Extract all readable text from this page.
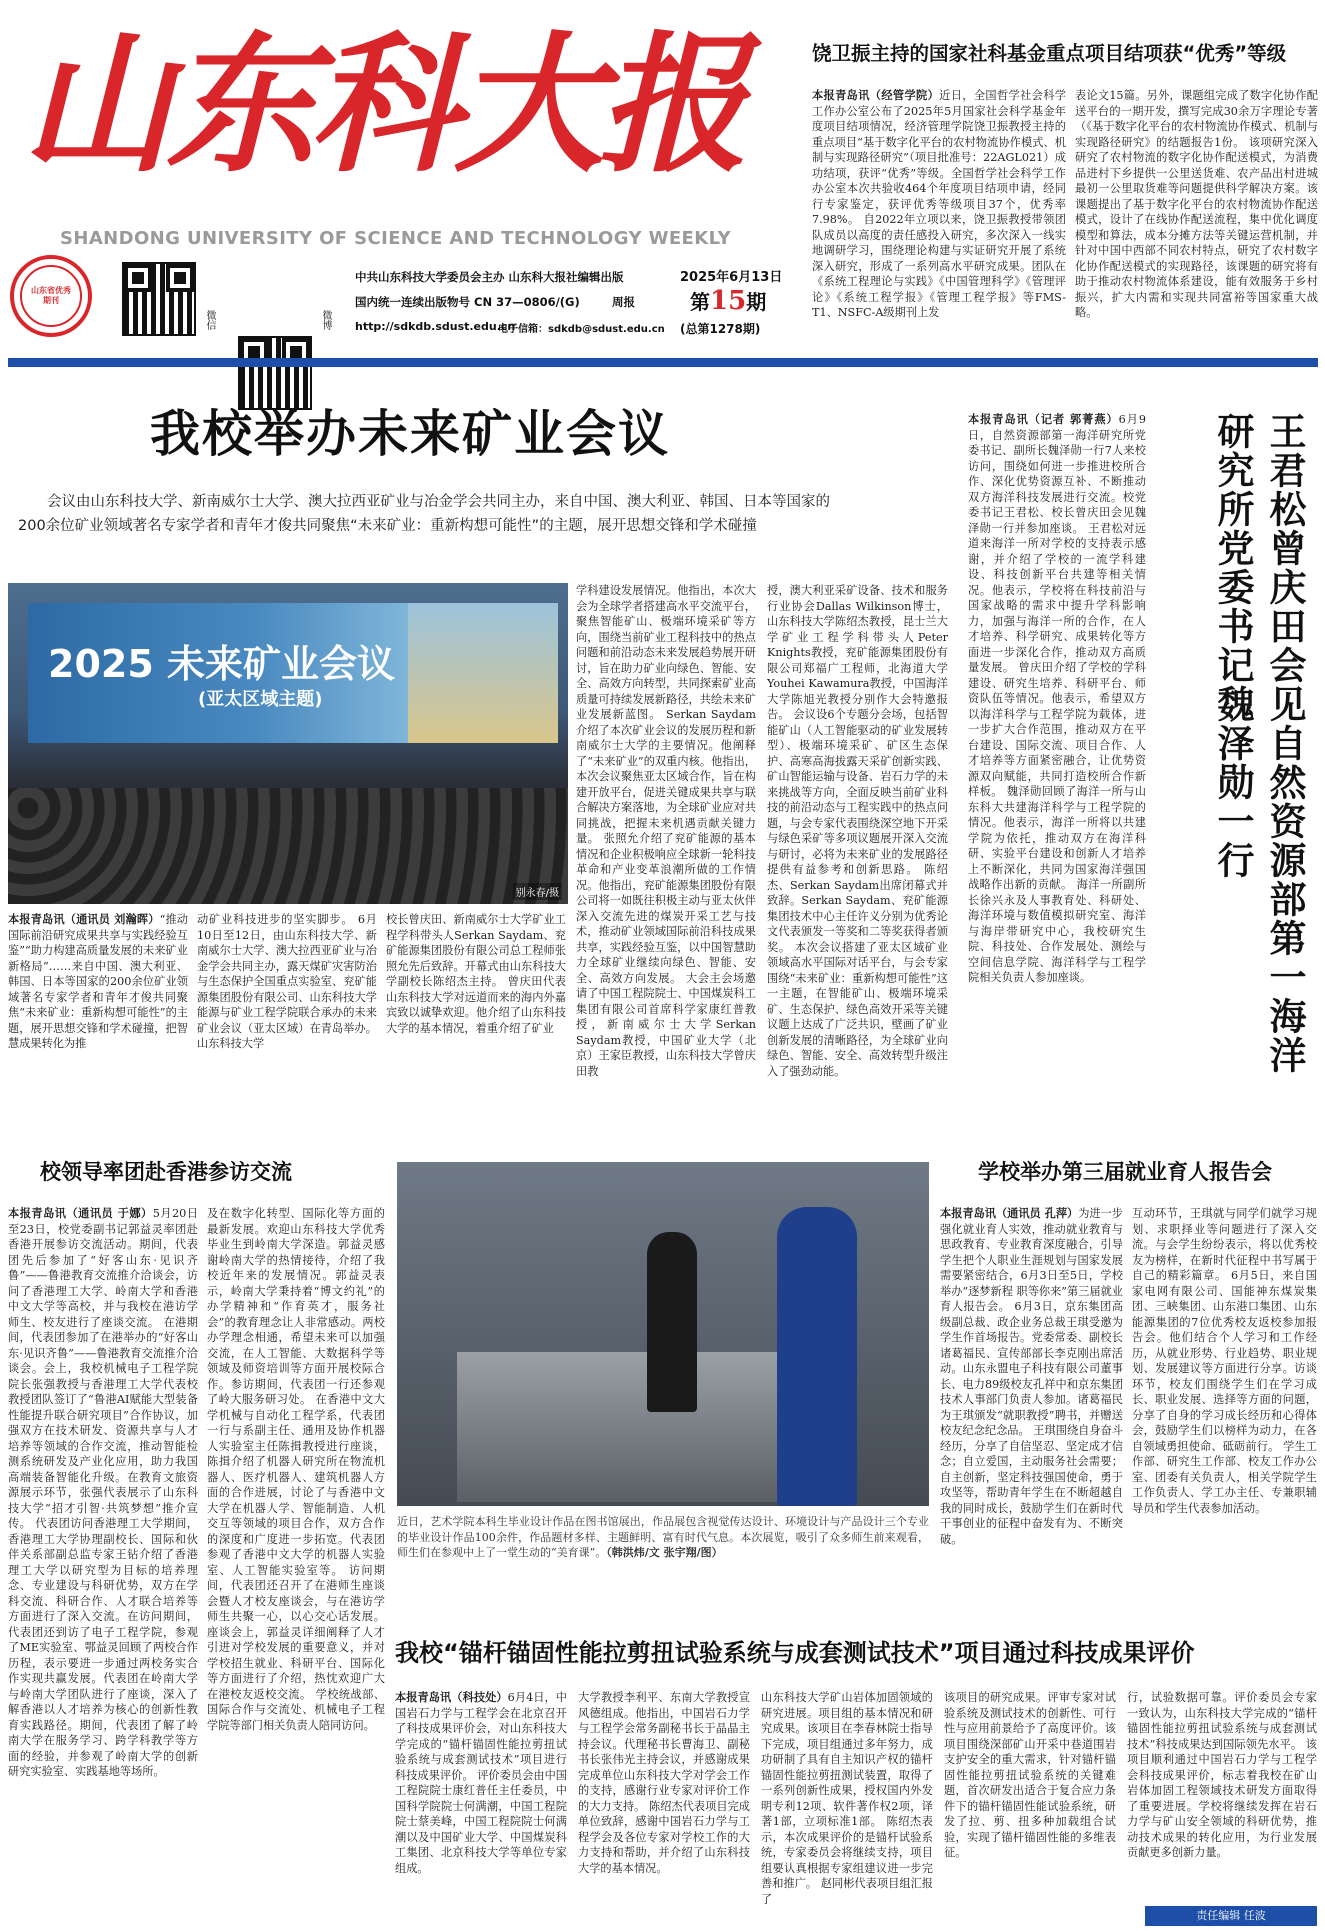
山东科大报
SHANDONG UNIVERSITY OF SCIENCE AND TECHNOLOGY WEEKLY
山东省优秀期刊
微信	微博
中共山东科技大学委员会主办 山东科大报社编辑出版
国内统一连续出版物号 CN 37—0806/(G)	周报
http://sdkdb.sdust.edu.cn
电子信箱：sdkdb@sdust.edu.cn
2025年6月13日
第15期
(总第1278期)
饶卫振主持的国家社科基金重点项目结项获“优秀”等级
本报青岛讯（经管学院）近日，全国哲学社会科学工作办公室公布了2025年5月国家社会科学基金年度项目结项情况，经济管理学院饶卫振教授主持的重点项目“基于数字化平台的农村物流协作模式、机制与实现路径研究”（项目批准号：22AGL021）成功结项，获评“优秀”等级。全国哲学社会科学工作办公室本次共验收464个年度项目结项申请，经同行专家鉴定，获评优秀等级项目37个，优秀率7.98%。 自2022年立项以来，饶卫振教授带领团队成员以高度的责任感投入研究，多次深入一线实地调研学习，围绕理论构建与实证研究开展了系统深入研究，形成了一系列高水平研究成果。团队在《系统工程理论与实践》《中国管理科学》《管理评论》《系统工程学报》《管理工程学报》等FMS-T1、NSFC-A级期刊上发
表论文15篇。另外，课题组完成了数字化协作配送平台的一期开发，撰写完成30余万字理论专著（《基于数字化平台的农村物流协作模式、机制与实现路径研究》的结题报告1份。 该项研究深入研究了农村物流的数字化协作配送模式，为消费品进村下乡提供一公里送货难、农产品出村进城最初一公里取货难等问题提供科学解决方案。该课题提出了基于数字化平台的农村物流协作配送模式，设计了在线协作配送流程，集中优化调度模型和算法，成本分摊方法等关键运营机制，并针对中国中西部不同农村特点，研究了农村数字化协作配送模式的实现路径，该课题的研究将有助于推动农村物流体系建设，能有效服务于乡村振兴，扩大内需和实现共同富裕等国家重大战略。
我校举办未来矿业会议
会议由山东科技大学、新南威尔士大学、澳大拉西亚矿业与冶金学会共同主办，来自中国、澳大利亚、韩国、日本等国家的200余位矿业领域著名专家学者和青年才俊共同聚焦“未来矿业：重新构想可能性”的主题，展开思想交锋和学术碰撞
2025 未来矿业会议
(亚太区域主题)
别永春/摄
本报青岛讯（通讯员 刘瀚晖）“推动国际前沿研究成果共享与实践经验互鉴”“助力构建高质量发展的未来矿业新格局”……来自中国、澳大利亚、韩国、日本等国家的200余位矿业领域著名专家学者和青年才俊共同聚焦“未来矿业：重新构想可能性”的主题，展开思想交锋和学术碰撞，把智慧成果转化为推
动矿业科技进步的坚实脚步。 6月10日至12日，由山东科技大学、新南威尔士大学、澳大拉西亚矿业与冶金学会共同主办，露天煤矿灾害防治与生态保护全国重点实验室、兖矿能源集团股份有限公司、山东科技大学能源与矿业工程学院联合承办的未来矿业会议（亚太区域）在青岛举办。山东科技大学
校长曾庆田、新南威尔士大学矿业工程学科带头人Serkan Saydam、兖矿能源集团股份有限公司总工程师张照允先后致辞。开幕式由山东科技大学副校长陈绍杰主持。 曾庆田代表山东科技大学对远道而来的海内外嘉宾致以诚挚欢迎。他介绍了山东科技大学的基本情况，着重介绍了矿业
学科建设发展情况。他指出，本次大会为全球学者搭建高水平交流平台，聚焦智能矿山、极端环境采矿等方向，围绕当前矿业工程科技中的热点问题和前沿动态未来发展趋势展开研讨，旨在助力矿业向绿色、智能、安全、高效方向转型，共同探索矿业高质量可持续发展新路径，共绘未来矿业发展新蓝图。 Serkan Saydam介绍了本次矿业会议的发展历程和新南威尔士大学的主要情况。他阐释了“未来矿业”的双重内核。他指出，本次会议聚焦亚太区域合作，旨在构建开放平台，促进关键成果共享与联合解决方案落地，为全球矿业应对共同挑战，把握未来机遇贡献关键力量。 张照允介绍了兖矿能源的基本情况和企业积极响应全球新一轮科技革命和产业变革浪潮所做的工作情况。他指出，兖矿能源集团股份有限公司将一如既往积极主动与亚太伙伴深入交流先进的煤炭开采工艺与技术，推动矿业领域国际前沿科技成果共享，实践经验互鉴，以中国智慧助力全球矿业继续向绿色、智能、安全、高效方向发展。 大会主会场邀请了中国工程院院士、中国煤炭科工集团有限公司首席科学家康红普教授，新南威尔士大学Serkan Saydam教授，中国矿业大学（北京）王家臣教授，山东科技大学曾庆田教
授，澳大利亚采矿设备、技术和服务行业协会Dallas Wilkinson博士，山东科技大学陈绍杰教授，昆士兰大学矿业工程学科带头人Peter Knights教授，兖矿能源集团股份有限公司郑福广工程师，北海道大学Youhei Kawamura教授，中国海洋大学陈旭光教授分别作大会特邀报告。 会议设6个专题分会场，包括智能矿山（人工智能驱动的矿业发展转型）、极端环境采矿、矿区生态保护、高寒高海拔露天采矿创新实践、矿山智能运输与设备、岩石力学的未来挑战等方向，全面反映当前矿业科技的前沿动态与工程实践中的热点问题，与会专家代表围绕深空地下开采与绿色采矿等多项议题展开深入交流与研讨，必将为未来矿业的发展路径提供有益参考和创新思路。 陈绍杰、Serkan Saydam出席闭幕式并致辞。Serkan Saydam、兖矿能源集团技术中心主任许义分别为优秀论文代表颁发一等奖和二等奖获得者颁奖。 本次会议搭建了亚太区域矿业领域高水平国际对话平台，与会专家围绕“未来矿业：重新构想可能性”这一主题，在智能矿山、极端环境采矿、生态保护、绿色高效开采等关键议题上达成了广泛共识，壁画了矿业创新发展的清晰路径，为全球矿业向绿色、智能、安全、高效转型升级注入了强劲动能。
本报青岛讯（记者 郭菁燕）6月9日，自然资源部第一海洋研究所党委书记、副所长魏泽勋一行7人来校访问，围绕如何进一步推进校所合作、深化优势资源互补、不断推动双方海洋科技发展进行交流。校党委书记王君松、校长曾庆田会见魏泽勋一行并参加座谈。 王君松对远道来海洋一所对学校的支持表示感谢，并介绍了学校的一流学科建设、科技创新平台共建等相关情况。他表示，学校将在科技前沿与国家战略的需求中提升学科影响力，加强与海洋一所的合作，在人才培养、科学研究、成果转化等方面进一步深化合作，推动双方高质量发展。 曾庆田介绍了学校的学科建设、研究生培养、科研平台、师资队伍等情况。他表示，希望双方以海洋科学与工程学院为载体，进一步扩大合作范围，推动双方在平台建设、国际交流、项目合作、人才培养等方面紧密融合，让优势资源双向赋能，共同打造校所合作新样板。 魏泽勋回顾了海洋一所与山东科大共建海洋科学与工程学院的情况。他表示，海洋一所将以共建学院为依托，推动双方在海洋科研、实验平台建设和创新人才培养上不断深化，共同为国家海洋强国战略作出新的贡献。 海洋一所副所长徐兴永及人事教育处、科研处、海洋环境与数值模拟研究室、海洋与海岸带研究中心，我校研究生院、科技处、合作发展处、测绘与空间信息学院、海洋科学与工程学院相关负责人参加座谈。	王君松曾庆田会见自然资源部第一海洋研究所党委书记魏泽勋一行
校领导率团赴香港参访交流
本报青岛讯（通讯员 于娜）5月20日至23日，校党委副书记郭益灵率团赴香港开展参访交流活动。期间，代表团先后参加了“好客山东·见识齐鲁”——鲁港教育交流推介洽谈会，访问了香港理工大学、岭南大学和香港中文大学等高校，并与我校在港访学师生、校友进行了座谈交流。 在港期间，代表团参加了在港举办的“好客山东·见识齐鲁”——鲁港教育交流推介洽谈会。会上，我校机械电子工程学院院长张强教授与香港理工大学代表校教授团队签订了“鲁港AI赋能大型装备性能提升联合研究项目”合作协议，加强双方在技术研发、资源共享与人才培养等领域的合作交流，推动智能检测系统研发及产业化应用，助力我国高端装备智能化升级。在教育文旅资源展示环节，张强代表展示了山东科技大学“招才引智·共筑梦想”推介宣传。 代表团访问香港理工大学期间，香港理工大学协理副校长、国际和伙伴关系部副总监专家王钻介绍了香港理工大学以研究型为目标的培养理念、专业建设与科研优势，双方在学科交流、科研合作、人才联合培养等方面进行了深入交流。在访问期间，代表团还到访了电子工程学院，参观了ME实验室、鄂益灵回顾了两校合作历程，表示要进一步通过两校务实合作实现共赢发展。代表团在岭南大学与岭南大学团队进行了座谈，深入了解香港以人才培养为核心的创新性教育实践路径。期间，代表团了解了岭南大学在服务学习、跨学科教学等方面的经验，并参观了岭南大学的创新研究实验室、实践基地等场所。
及在数字化转型、国际化等方面的最新发展。欢迎山东科技大学优秀毕业生到岭南大学深造。郭益灵感谢岭南大学的热情接待，介绍了我校近年来的发展情况。郭益灵表示，岭南大学秉持着“博文约礼”的办学精神和“作育英才，服务社会”的教育理念让人非常感动。两校办学理念相通，希望未来可以加强交流，在人工智能、大数据科学等领域及师资培训等方面开展校际合作。参访期间，代表团一行还参观了岭大服务研习处。 在香港中文大学机械与自动化工程学系，代表团一行与系副主任、通用及协作机器人实验室主任陈揖教授进行座谈，陈揖介绍了机器人研究所在物流机器人、医疗机器人、建筑机器人方面的合作进展，讨论了与香港中文大学在机器人学、智能制造、人机交互等领域的项目合作，双方合作的深度和广度进一步拓宽。代表团参观了香港中文大学的机器人实验室、人工智能实验室等。 访问期间，代表团还召开了在港师生座谈会暨人才校友座谈会，与在港访学师生共聚一心，以心交心话发展。座谈会上，郭益灵详细阐释了人才引进对学校发展的重要意义，并对学校招生就业、科研平台、国际化等方面进行了介绍，热忱欢迎广大在港校友返校交流。 学校统战部、国际合作与交流处、机械电子工程学院等部门相关负责人陪同访问。
近日，艺术学院本科生毕业设计作品在图书馆展出，作品展包含视觉传达设计、环境设计与产品设计三个专业的毕业设计作品100余件，作品题材多样、主题鲜明、富有时代气息。本次展览，吸引了众多师生前来观看，师生们在参观中上了一堂生动的“美育课”。（韩洪炜/文 张宇翔/图）
学校举办第三届就业育人报告会
本报青岛讯（通讯员 孔萍）为进一步强化就业育人实效，推动就业教育与思政教育、专业教育深度融合，引导学生把个人职业生涯规划与国家发展需要紧密结合，6月3日至5日，学校举办“逐梦新程 职等你来”第三届就业育人报告会。 6月3日，京东集团高级副总裁、政企业务总裁王琪受邀为学生作首场报告。党委常委、副校长诸葛福民、宣传部部长李克刚出席活动。山东永盟电子科技有限公司董事长、电力89级校友孔祥中和京东集团技术人事部门负责人参加。诸葛福民为王琪颁发“就职教授”聘书，并赠送校友纪念纪念品。 王琪围绕自身奋斗经历，分享了自信坚忍、坚定成才信念；自立爱国，主动服务社会需要；自主创新，坚定科技强国使命，勇于攻坚等，帮助青年学生在不断超越自我的同时成长，鼓励学生们在新时代干事创业的征程中奋发有为、不断突破。
互动环节，王琪就与同学们就学习规划、求职择业等问题进行了深入交流。与会学生纷纷表示，将以优秀校友为榜样，在新时代征程中书写属于自己的精彩篇章。 6月5日，来自国家电网有限公司、国能神东煤炭集团、三峡集团、山东港口集团、山东能源集团的7位优秀校友返校参加报告会。他们结合个人学习和工作经历，从就业形势、行业趋势、职业规划、发展建议等方面进行分享。访谈环节，校友们围绕学生们在学习成长、职业发展、选择等方面的问题，分享了自身的学习成长经历和心得体会，鼓励学生们以榜样为动力，在各自领域勇担使命、砥砺前行。 学生工作部、研究生工作部、校友工作办公室、团委有关负责人，相关学院学生工作负责人、学工办主任、专兼职辅导员和学生代表参加活动。
我校“锚杆锚固性能拉剪扭试验系统与成套测试技术”项目通过科技成果评价
本报青岛讯（科技处）6月4日，中国岩石力学与工程学会在北京召开了科技成果评价会，对山东科技大学完成的“锚杆锚固性能拉剪扭试验系统与成套测试技术”项目进行科技成果评价。 评价委员会由中国工程院院士康红普任主任委员，中国科学院院士何满潮，中国工程院院士蔡美峰，中国工程院院士何满潮以及中国矿业大学、中国煤炭科工集团、北京科技大学等单位专家组成。
大学教授李利平、东南大学教授宣风德组成。他指出，中国岩石力学与工程学会常务副秘书长于晶晶主持会议。代理秘书长曹海卫、副秘书长张伟光主持会议，并感谢成果完成单位山东科技大学对学会工作的支持，感谢行业专家对评价工作的大力支持。 陈绍杰代表项目完成单位致辞，感谢中国岩石力学与工程学会及各位专家对学校工作的大力支持和帮助，并介绍了山东科技大学的基本情况。
山东科技大学矿山岩体加固领域的研究进展。项目组的基本情况和研究成果。该项目在李春林院士指导下完成，项目组通过多年努力，成功研制了具有自主知识产权的锚杆锚固性能拉剪扭测试装置，取得了一系列创新性成果，授权国内外发明专利12项、软件著作权2项，译著1部，立项标准1部。 陈绍杰表示，本次成果评价的是锚杆试验系统，专家委员会将继续支持，项目组要认真根据专家组建议进一步完善和推广。 赵同彬代表项目组汇报了
该项目的研究成果。评审专家对试验系统及测试技术的创新性、可行性与应用前景给予了高度评价。该项目围绕深部矿山开采中巷道围岩支护安全的重大需求，针对锚杆锚固性能拉剪扭试验系统的关键难题，首次研发出适合于复合应力条件下的锚杆锚固性能试验系统，研发了拉、剪、扭多种加载组合试验，实现了锚杆锚固性能的多维表征。
行，试验数据可靠。评价委员会专家一致认为，山东科技大学完成的“锚杆锚固性能拉剪扭试验系统与成套测试技术”科技成果达到国际领先水平。 该项目顺利通过中国岩石力学与工程学会科技成果评价，标志着我校在矿山岩体加固工程领域技术研发方面取得了重要进展。学校将继续发挥在岩石力学与矿山安全领域的科研优势，推动技术成果的转化应用，为行业发展贡献更多创新力量。
责任编辑 任波
